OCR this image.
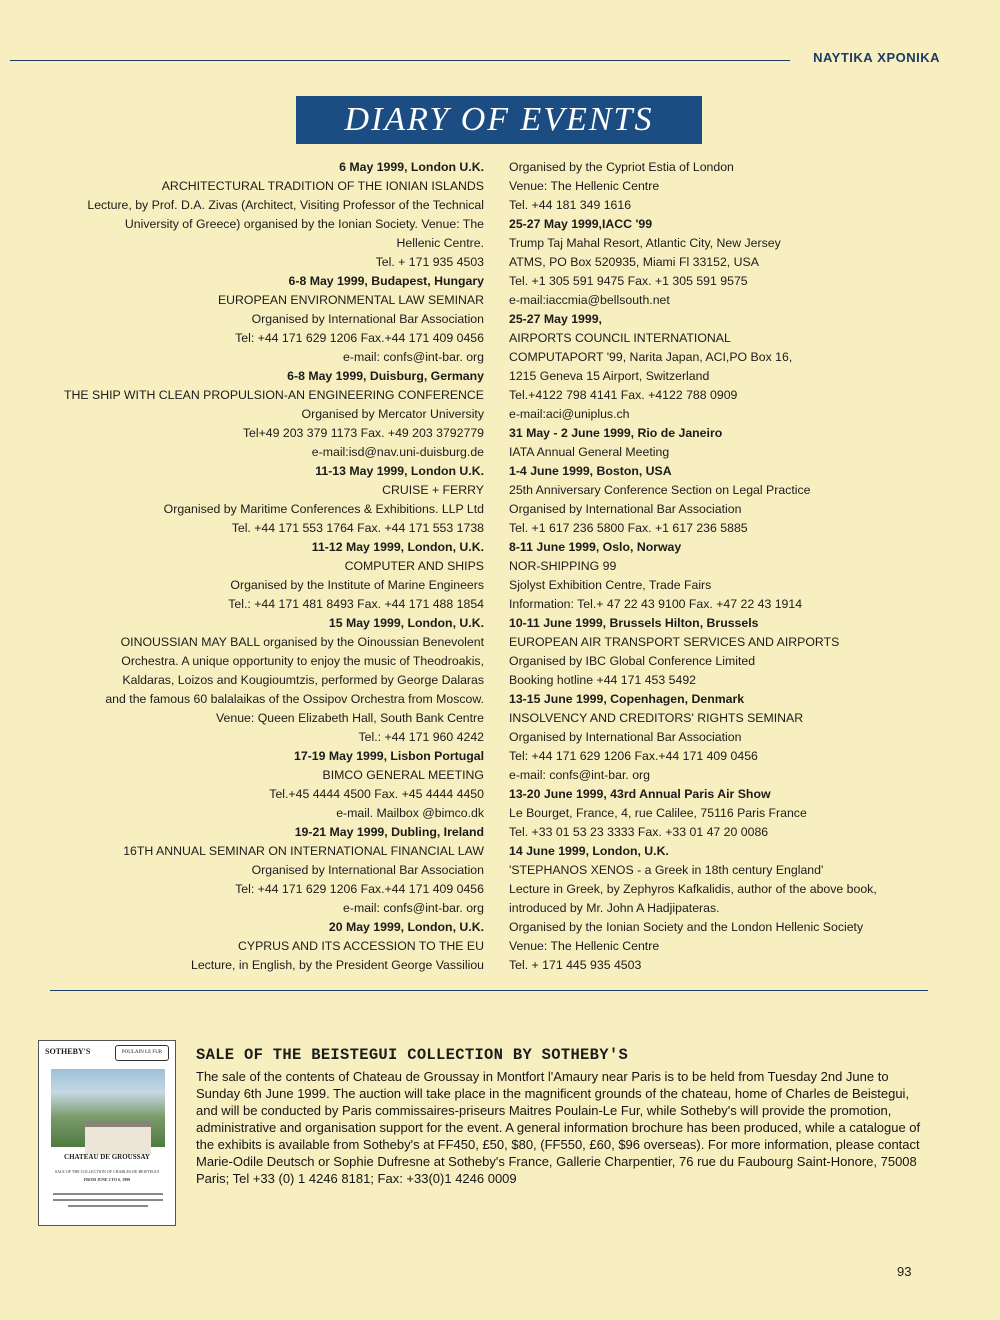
ΝΑΥΤΙΚΑ ΧΡΟΝΙΚΑ
DIARY OF EVENTS
6 May 1999, London U.K.
ARCHITECTURAL TRADITION OF THE IONIAN ISLANDS
Lecture, by Prof. D.A. Zivas (Architect, Visiting Professor of the Technical
University of Greece) organised by the Ionian Society. Venue: The
Hellenic Centre.
Tel. + 171 935 4503
6-8 May 1999, Budapest, Hungary
EUROPEAN ENVIRONMENTAL LAW SEMINAR
Organised by International Bar Association
Tel: +44 171 629 1206 Fax.+44 171 409 0456
e-mail: confs@int-bar. org
6-8 May 1999, Duisburg, Germany
THE SHIP WITH CLEAN PROPULSION-AN ENGINEERING CONFERENCE
Organised by Mercator University
Tel+49 203 379 1173 Fax. +49 203 3792779
e-mail:isd@nav.uni-duisburg.de
11-13 May 1999, London U.K.
CRUISE + FERRY
Organised by Maritime Conferences & Exhibitions. LLP Ltd
Tel. +44 171 553 1764 Fax. +44 171 553 1738
11-12 May 1999, London, U.K.
COMPUTER AND SHIPS
Organised by the Institute of Marine Engineers
Tel.: +44 171 481 8493 Fax. +44 171 488 1854
15 May 1999, London, U.K.
OINOUSSIAN MAY BALL organised by the Oinoussian Benevolent
Orchestra. A unique opportunity to enjoy the music of Theodroakis,
Kaldaras, Loizos and Kougioumtzis, performed by George Dalaras
and the famous 60 balalaikas of the Ossipov Orchestra from Moscow.
Venue: Queen Elizabeth Hall, South Bank Centre
Tel.: +44 171 960 4242
17-19 May 1999, Lisbon Portugal
BIMCO GENERAL MEETING
Tel.+45 4444 4500 Fax. +45 4444 4450
e-mail. Mailbox @bimco.dk
19-21 May 1999, Dubling, Ireland
16TH ANNUAL SEMINAR ON INTERNATIONAL FINANCIAL LAW
Organised by International Bar Association
Tel: +44 171 629 1206 Fax.+44 171 409 0456
e-mail: confs@int-bar. org
20 May 1999, London, U.K.
CYPRUS AND ITS ACCESSION TO THE EU
Lecture, in English, by the President George Vassiliou
Organised by the Cypriot Estia of London
Venue: The Hellenic Centre
Tel. +44 181 349 1616
25-27 May 1999,IACC '99
Trump Taj Mahal Resort, Atlantic City, New Jersey
ATMS, PO Box 520935, Miami Fl 33152, USA
Tel. +1 305 591 9475 Fax. +1 305 591 9575
e-mail:iaccmia@bellsouth.net
25-27 May 1999,
AIRPORTS COUNCIL INTERNATIONAL
COMPUTAPORT '99, Narita Japan, ACI,PO Box 16,
1215 Geneva 15 Airport, Switzerland
Tel.+4122 798 4141 Fax. +4122 788 0909
e-mail:aci@uniplus.ch
31 May - 2 June 1999, Rio de Janeiro
IATA Annual General Meeting
1-4 June 1999, Boston, USA
25th Anniversary Conference Section on Legal Practice
Organised by International Bar Association
Tel. +1 617 236 5800 Fax. +1 617 236 5885
8-11 June 1999, Oslo, Norway
NOR-SHIPPING 99
Sjolyst Exhibition Centre, Trade Fairs
Information: Tel.+ 47 22 43 9100 Fax. +47 22 43 1914
10-11 June 1999, Brussels Hilton, Brussels
EUROPEAN AIR TRANSPORT SERVICES AND AIRPORTS
Organised by IBC Global Conference Limited
Booking hotline +44 171 453 5492
13-15 June 1999, Copenhagen, Denmark
INSOLVENCY AND CREDITORS' RIGHTS SEMINAR
Organised by International Bar Association
Tel: +44 171 629 1206 Fax.+44 171 409 0456
e-mail: confs@int-bar. org
13-20 June 1999, 43rd Annual Paris Air Show
Le Bourget, France, 4, rue Calilee, 75116 Paris France
Tel. +33 01 53 23 3333 Fax. +33 01 47 20 0086
14 June 1999, London, U.K.
'STEPHANOS XENOS - a Greek in 18th century England'
Lecture in Greek, by Zephyros Kafkalidis, author of the above book,
introduced by Mr. John A Hadjipateras.
Organised by the Ionian Society and the London Hellenic Society
Venue: The Hellenic Centre
Tel. + 171 445 935 4503
SOTHEBY'S	POULAIN LE FUR
CHATEAU DE GROUSSAY
SALE OF THE COLLECTION OF CHARLES DE BEISTEGUI
FROM JUNE 2 TO 6, 1999
SALE OF THE BEISTEGUI COLLECTION BY SOTHEBY'S
The sale of the contents of Chateau de Groussay in Montfort l'Amaury near Paris is to be held from Tuesday 2nd June to Sunday 6th June 1999. The auction will take place in the magnificent grounds of the chateau, home of Charles de Beistegui, and will be conducted by Paris commissaires-priseurs Maitres Poulain-Le Fur, while Sotheby's will provide the promotion, administrative and organisation support for the event. A general information brochure has been produced, while a catalogue of the exhibits is available from Sotheby's at FF450, £50, $80, (FF550, £60, $96 overseas). For more information, please contact Marie-Odile Deutsch or Sophie Dufresne at Sotheby's France, Gallerie Charpentier, 76 rue du Faubourg Saint-Honore, 75008 Paris; Tel +33 (0) 1 4246 8181; Fax: +33(0)1 4246 0009
93
